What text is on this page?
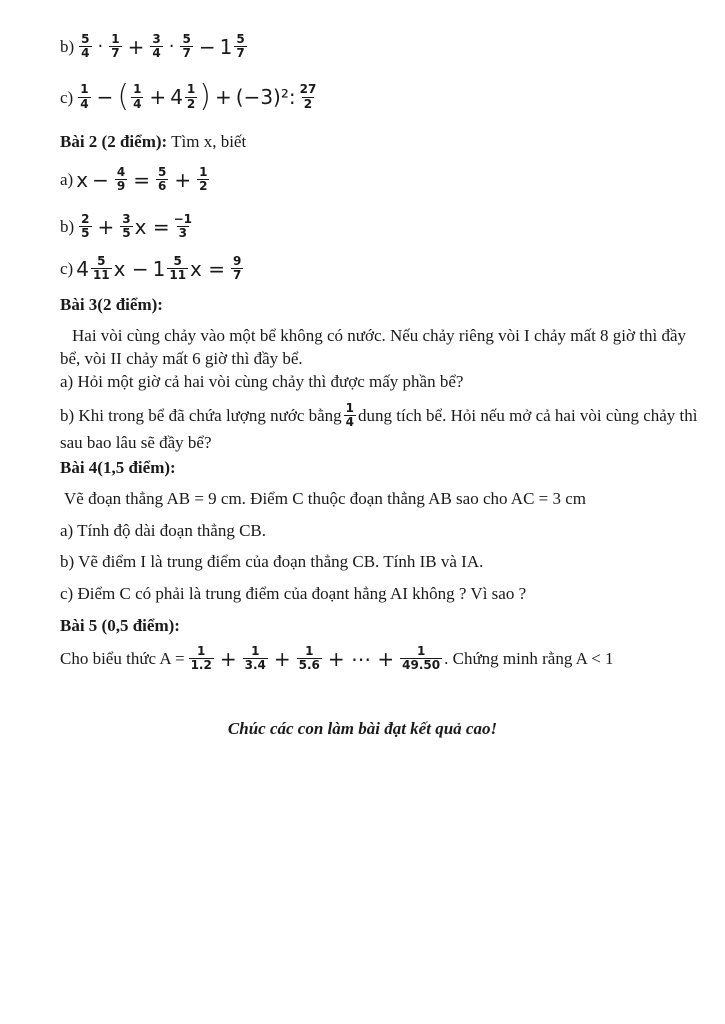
$b) \frac{5}{4} \cdot \frac{1}{7} + \frac{3}{4} \cdot \frac{5}{7} - 1 \frac{5}{7}$
$c) \frac{1}{4}$ − ( $\frac{1}{4} + 4 \frac{1}{2}$ ) + (−3)²: $\frac{27}{2}$
Bài 2 (2 điểm): Tìm x, biết
a) $x - \frac{4}{9} = \frac{5}{6} + \frac{1}{2}$
$b) \frac{2}{5} + \frac{3}{5}$ $x = \frac{-1}{3}$
c) $4 \frac{5}{11}$ $x - 1 \frac{5}{11}$ $x = \frac{9}{7}$
Bài 3(2 điểm):
Hai vòi cùng chảy vào một bể không có nước. Nếu chảy riêng vòi I chảy mất 8 giờ thì đầy
bể, vòi II chảy mất 6 giờ thì đầy bể.
a) Hỏi một giờ cả hai vòi cùng chảy thì được mấy phần bể?
b) Khi trong bể đã chứa lượng nước bằng $\frac{1}{4}$ dung tích bể. Hỏi nếu mở cả hai vòi cùng chảy thì
sau bao lâu sẽ đầy bể?
Bài 4(1,5 điểm):
Vẽ đoạn thẳng AB = 9 cm. Điểm C thuộc đoạn thẳng AB sao cho AC = 3 cm
a) Tính độ dài đoạn thẳng CB.
b) Vẽ điểm I là trung điểm của đoạn thẳng CB. Tính IB và IA.
c) Điểm C có phải là trung điểm của đoạnt hẳng AI không ? Vì sao ?
Bài 5 (0,5 điểm):
Cho biểu thức $A = \frac{1}{1.2} + \frac{1}{3.4} + \frac{1}{5.6}$ + ⋯ + $\frac{1}{49.50}$ . Chứng minh rằng A < 1
Chúc các con làm bài đạt kết quả cao!
